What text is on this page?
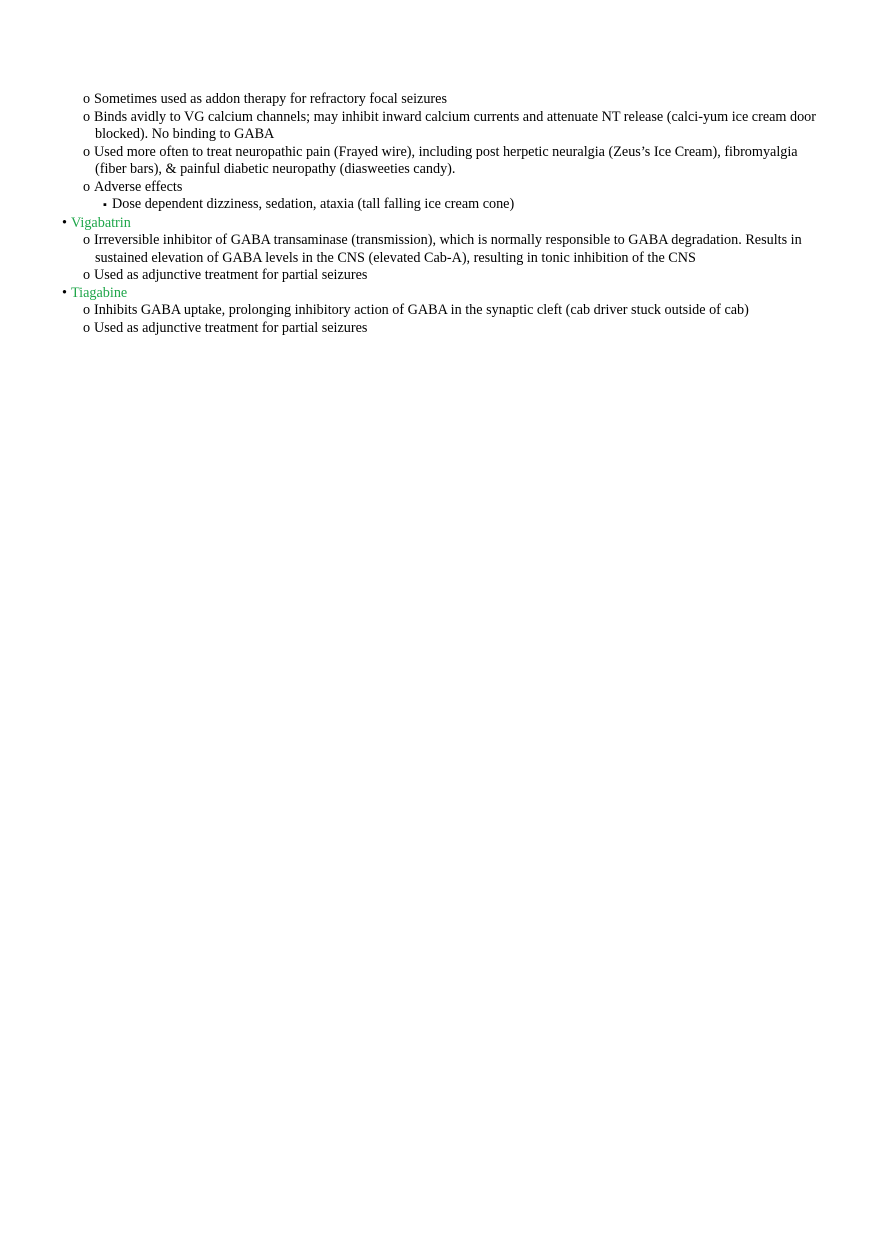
o Sometimes used as addon therapy for refractory focal seizures
o Binds avidly to VG calcium channels; may inhibit inward calcium currents and attenuate NT release (calci-yum ice cream door
blocked). No binding to GABA
o Used more often to treat neuropathic pain (Frayed wire), including post herpetic neuralgia (Zeus’s Ice Cream), fibromyalgia
(fiber bars), & painful diabetic neuropathy (diasweeties candy).
o Adverse effects
▪ Dose dependent dizziness, sedation, ataxia (tall falling ice cream cone)
• Vigabatrin
o Irreversible inhibitor of GABA transaminase (transmission), which is normally responsible to GABA degradation. Results in
sustained elevation of GABA levels in the CNS (elevated Cab-A), resulting in tonic inhibition of the CNS
o Used as adjunctive treatment for partial seizures
• Tiagabine
o Inhibits GABA uptake, prolonging inhibitory action of GABA in the synaptic cleft (cab driver stuck outside of cab)
o Used as adjunctive treatment for partial seizures
